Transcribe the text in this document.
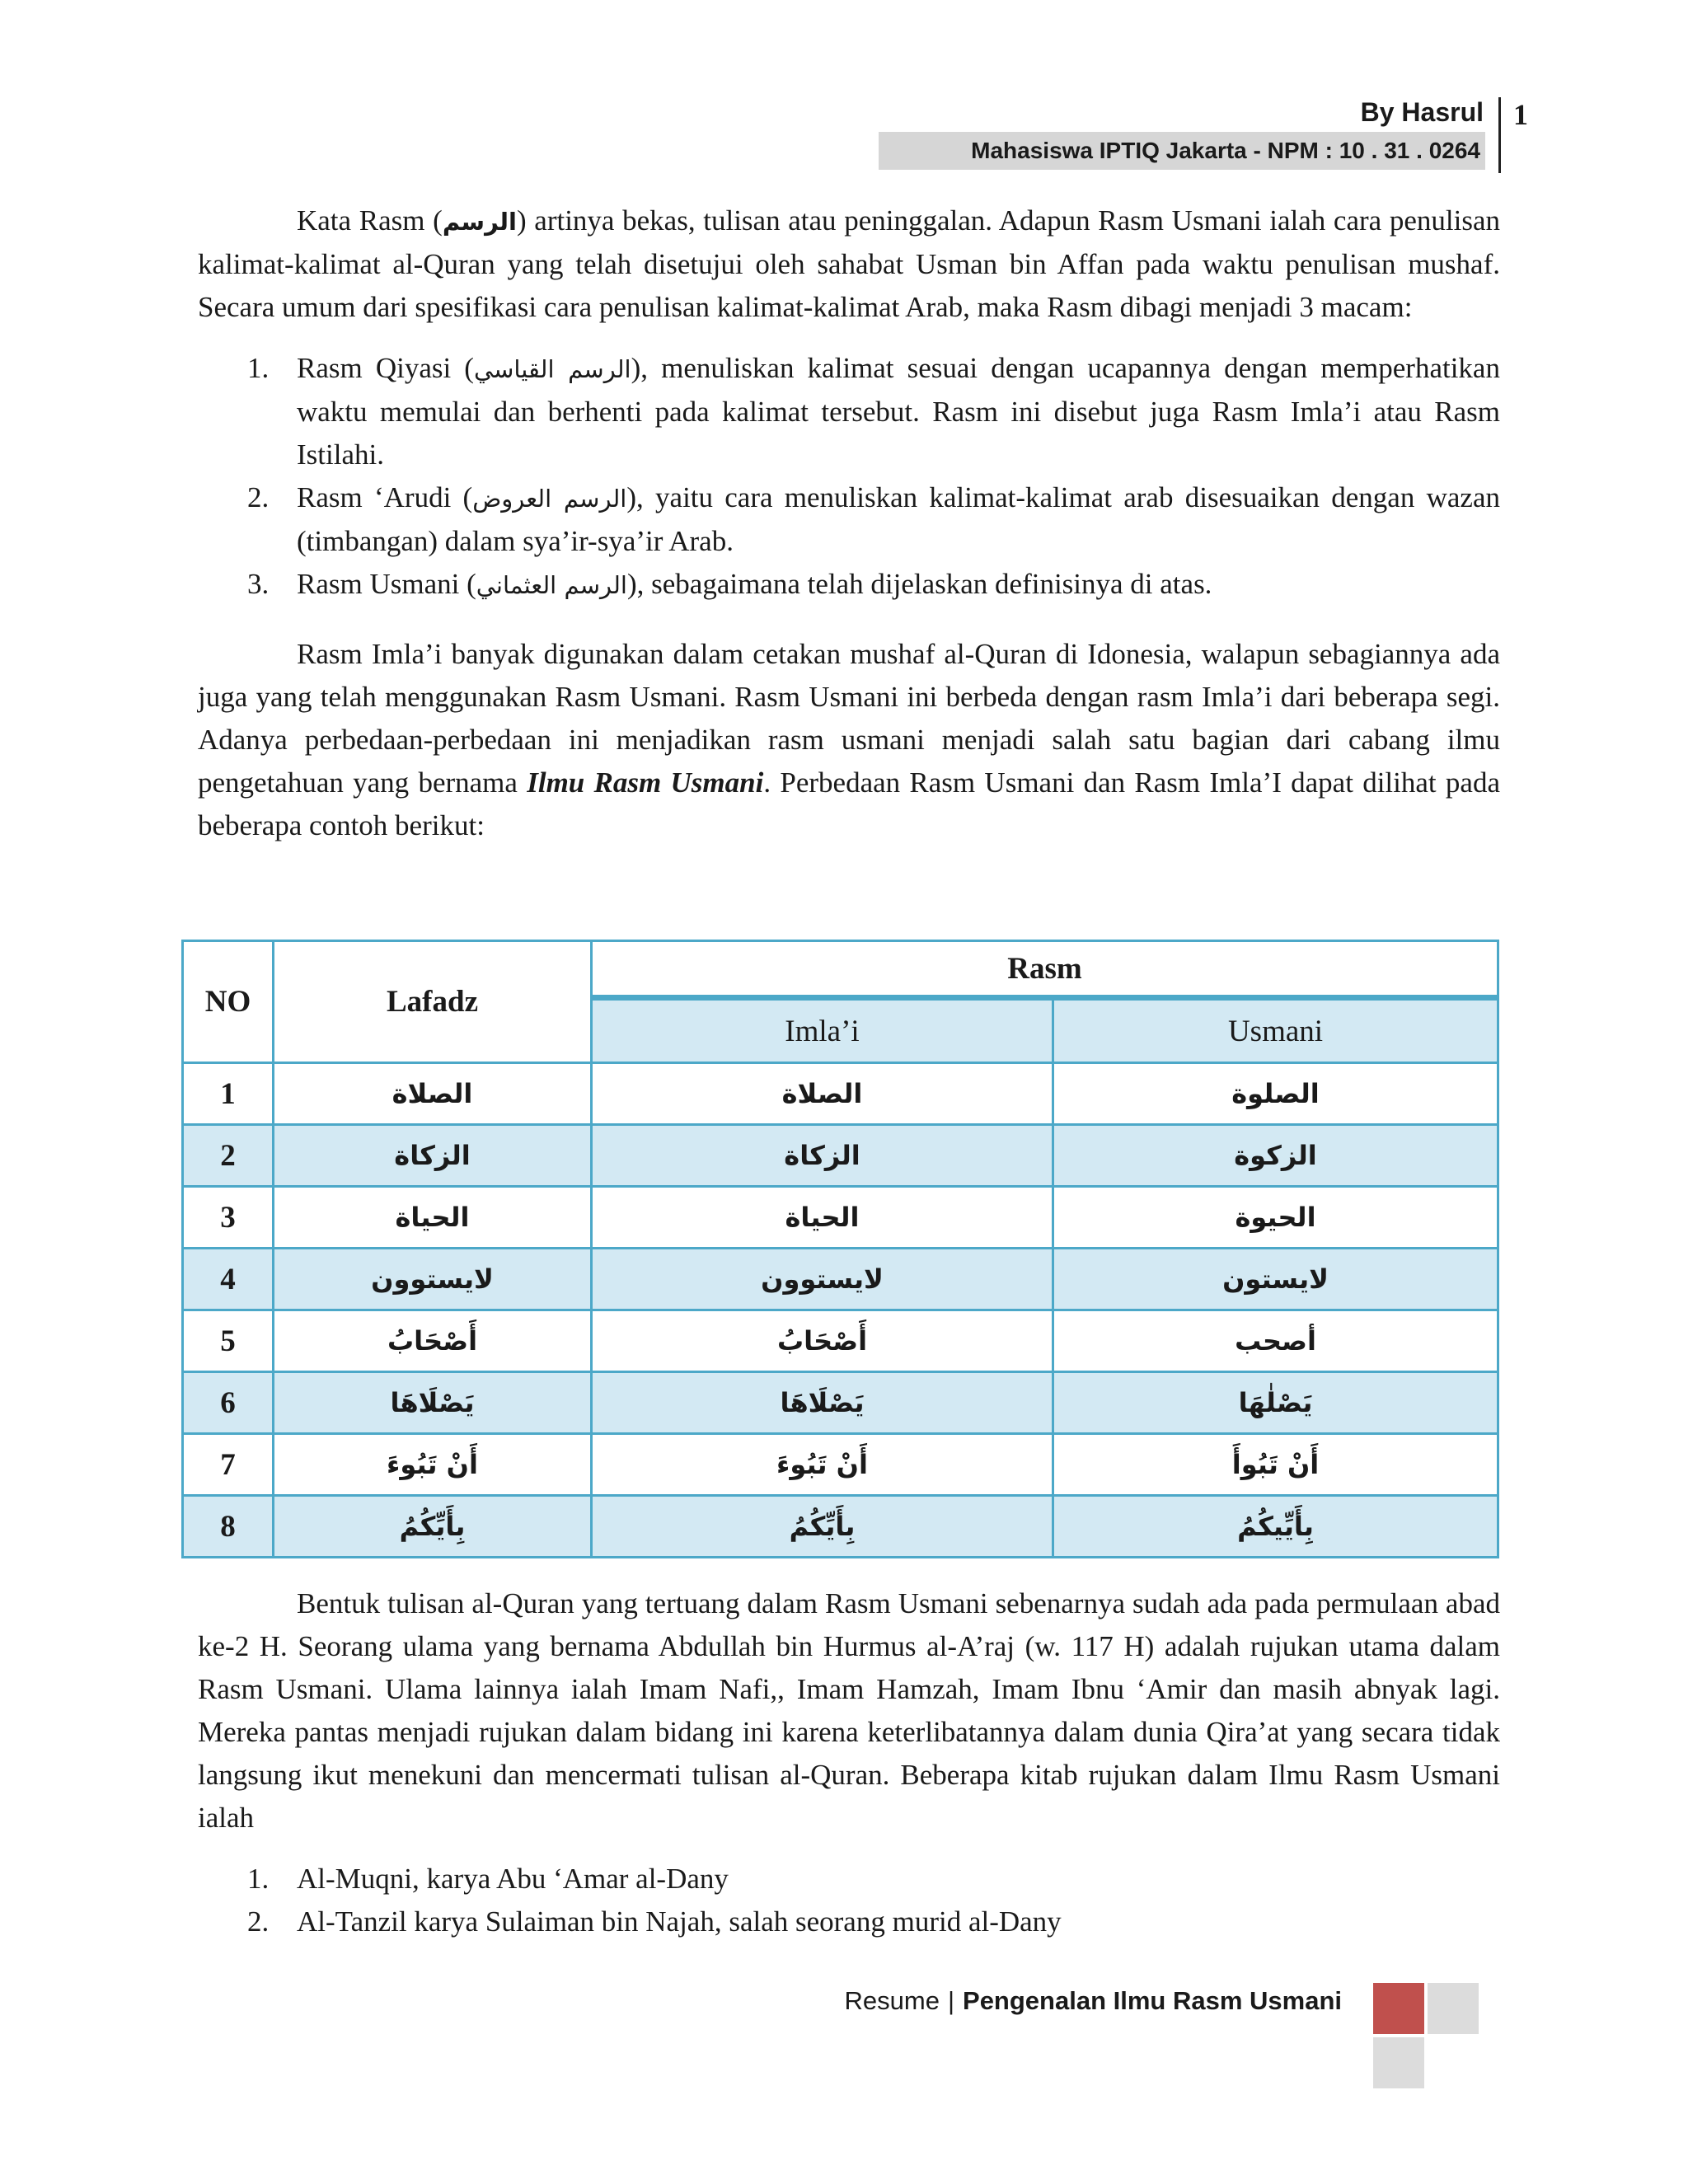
By Hasrul
Mahasiswa IPTIQ Jakarta - NPM : 10 . 31 . 0264
1

Kata Rasm (الرسم) artinya bekas, tulisan atau peninggalan. Adapun Rasm Usmani ialah cara penulisan kalimat-kalimat al-Quran yang telah disetujui oleh sahabat Usman bin Affan pada waktu penulisan mushaf. Secara umum dari spesifikasi cara penulisan kalimat-kalimat Arab, maka Rasm dibagi menjadi 3 macam:

1. Rasm Qiyasi (الرسم القياسي), menuliskan kalimat sesuai dengan ucapannya dengan memperhatikan waktu memulai dan berhenti pada kalimat tersebut. Rasm ini disebut juga Rasm Imla’i atau Rasm Istilahi.
2. Rasm ‘Arudi (الرسم العروض), yaitu cara menuliskan kalimat-kalimat arab disesuaikan dengan wazan (timbangan) dalam sya’ir-sya’ir Arab.
3. Rasm Usmani (الرسم العثماني), sebagaimana telah dijelaskan definisinya di atas.

Rasm Imla’i banyak digunakan dalam cetakan mushaf al-Quran di Idonesia, walapun sebagiannya ada juga yang telah menggunakan Rasm Usmani. Rasm Usmani ini berbeda dengan rasm Imla’i dari beberapa segi. Adanya perbedaan-perbedaan ini menjadikan rasm usmani menjadi salah satu bagian dari cabang ilmu pengetahuan yang bernama Ilmu Rasm Usmani. Perbedaan Rasm Usmani dan Rasm Imla’I dapat dilihat pada beberapa contoh berikut:

NO	Lafadz	Rasm	
		Imla’i	Usmani
1	الصلاة	الصلاة	الصلوة
2	الزكاة	الزكاة	الزكوة
3	الحياة	الحياة	الحيوة
4	لايستوون	لايستوون	لايستون
5	أَصْحَابُ	أَصْحَابُ	أصحب
6	يَصْلَاهَا	يَصْلَاهَا	يَصْلٰهَا
7	أَنْ تَبُوءَ	أَنْ تَبُوءَ	أَنْ تَبُوأَ
8	بِأَيِّكُمُ	بِأَيِّكُمُ	بِأَيِّيكُمُ

Bentuk tulisan al-Quran yang tertuang dalam Rasm Usmani sebenarnya sudah ada pada permulaan abad ke-2 H. Seorang ulama yang bernama Abdullah bin Hurmus al-A’raj (w. 117 H) adalah rujukan utama dalam Rasm Usmani. Ulama lainnya ialah Imam Nafi,, Imam Hamzah, Imam Ibnu ‘Amir dan masih abnyak lagi. Mereka pantas menjadi rujukan dalam bidang ini karena keterlibatannya dalam dunia Qira’at yang secara tidak langsung ikut menekuni dan mencermati tulisan al-Quran. Beberapa kitab rujukan dalam Ilmu Rasm Usmani ialah

1. Al-Muqni, karya Abu ‘Amar al-Dany
2. Al-Tanzil karya Sulaiman bin Najah, salah seorang murid al-Dany
Resume | Pengenalan Ilmu Rasm Usmani
